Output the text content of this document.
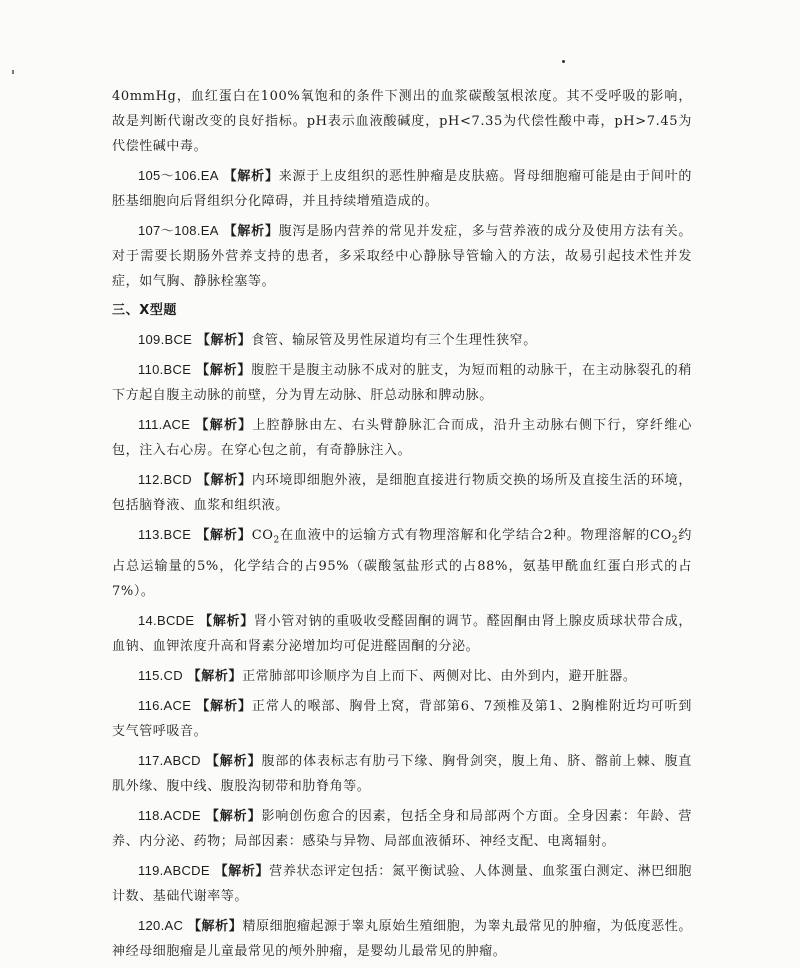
40mmHg，血红蛋白在100%氧饱和的条件下测出的血浆碳酸氢根浓度。其不受呼吸的影响，故是判断代谢改变的良好指标。pH表示血液酸碱度，pH<7.35为代偿性酸中毒，pH>7.45为代偿性碱中毒。

105～106.EA 【解析】来源于上皮组织的恶性肿瘤是皮肤癌。肾母细胞瘤可能是由于间叶的胚基细胞向后肾组织分化障碍，并且持续增殖造成的。

107～108.EA 【解析】腹泻是肠内营养的常见并发症，多与营养液的成分及使用方法有关。对于需要长期肠外营养支持的患者，多采取经中心静脉导管输入的方法，故易引起技术性并发症，如气胸、静脉栓塞等。

三、X型题

109.BCE 【解析】食管、输尿管及男性尿道均有三个生理性狭窄。

110.BCE 【解析】腹腔干是腹主动脉不成对的脏支，为短而粗的动脉干，在主动脉裂孔的稍下方起自腹主动脉的前壁，分为胃左动脉、肝总动脉和脾动脉。

111.ACE 【解析】上腔静脉由左、右头臂静脉汇合而成，沿升主动脉右侧下行，穿纤维心包，注入右心房。在穿心包之前，有奇静脉注入。

112.BCD 【解析】内环境即细胞外液，是细胞直接进行物质交换的场所及直接生活的环境，包括脑脊液、血浆和组织液。

113.BCE 【解析】$CO_2$在血液中的运输方式有物理溶解和化学结合2种。物理溶解的$CO_2$约占总运输量的5%，化学结合的占95%（碳酸氢盐形式的占88%，氨基甲酰血红蛋白形式的占7%）。

14.BCDE 【解析】肾小管对钠的重吸收受醛固酮的调节。醛固酮由肾上腺皮质球状带合成，血钠、血钾浓度升高和肾素分泌增加均可促进醛固酮的分泌。

115.CD 【解析】正常肺部叩诊顺序为自上而下、两侧对比、由外到内，避开脏器。

116.ACE 【解析】正常人的喉部、胸骨上窝，背部第6、7颈椎及第1、2胸椎附近均可听到支气管呼吸音。

117.ABCD 【解析】腹部的体表标志有肋弓下缘、胸骨剑突，腹上角、脐、髂前上棘、腹直肌外缘、腹中线、腹股沟韧带和肋脊角等。

118.ACDE 【解析】影响创伤愈合的因素，包括全身和局部两个方面。全身因素：年龄、营养、内分泌、药物；局部因素：感染与异物、局部血液循环、神经支配、电离辐射。

119.ABCDE 【解析】营养状态评定包括：氮平衡试验、人体测量、血浆蛋白测定、淋巴细胞计数、基础代谢率等。

120.AC 【解析】精原细胞瘤起源于睾丸原始生殖细胞，为睾丸最常见的肿瘤，为低度恶性。神经母细胞瘤是儿童最常见的颅外肿瘤，是婴幼儿最常见的肿瘤。
